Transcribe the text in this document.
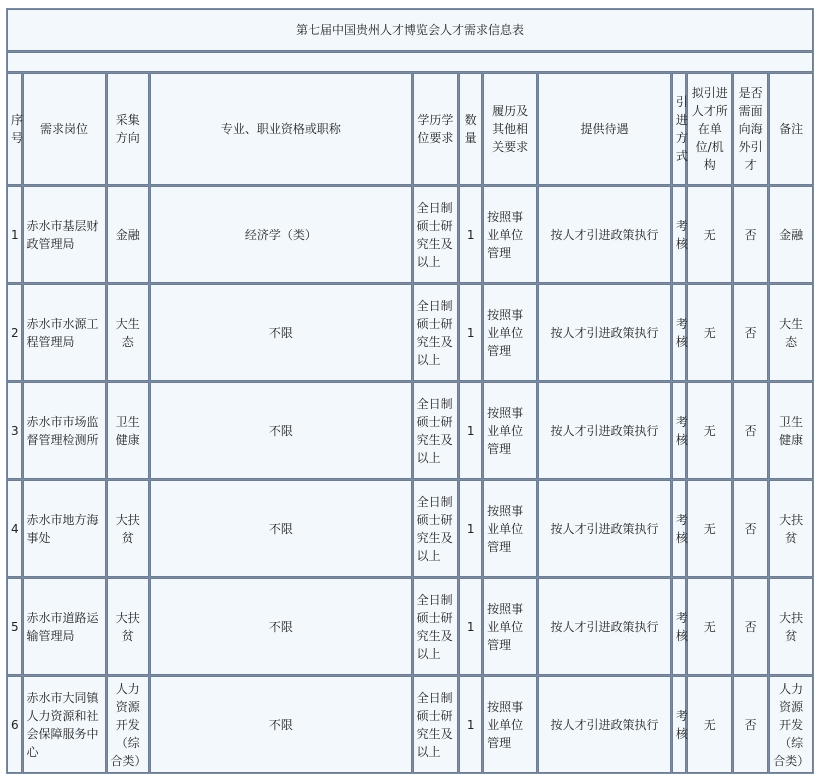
第七届中国贵州人才博览会人才需求信息表											

序号	需求岗位	采集方向	专业、职业资格或职称	学历学位要求	数量	履历及其他相关要求	提供待遇	引进方式	拟引进人才所在单位/机构	是否需面向海外引才	备注
1	赤水市基层财政管理局	金融	经济学（类）	全日制硕士研究生及以上	1	按照事业单位管理	按人才引进政策执行	考核	无	否	金融
2	赤水市水源工程管理局	大生态	不限	全日制硕士研究生及以上	1	按照事业单位管理	按人才引进政策执行	考核	无	否	大生态
3	赤水市市场监督管理检测所	卫生健康	不限	全日制硕士研究生及以上	1	按照事业单位管理	按人才引进政策执行	考核	无	否	卫生健康
4	赤水市地方海事处	大扶贫	不限	全日制硕士研究生及以上	1	按照事业单位管理	按人才引进政策执行	考核	无	否	大扶贫
5	赤水市道路运输管理局	大扶贫	不限	全日制硕士研究生及以上	1	按照事业单位管理	按人才引进政策执行	考核	无	否	大扶贫
6	赤水市大同镇人力资源和社会保障服务中心	人力资源开发（综合类）	不限	全日制硕士研究生及以上	1	按照事业单位管理	按人才引进政策执行	考核	无	否	人力资源开发（综合类）
